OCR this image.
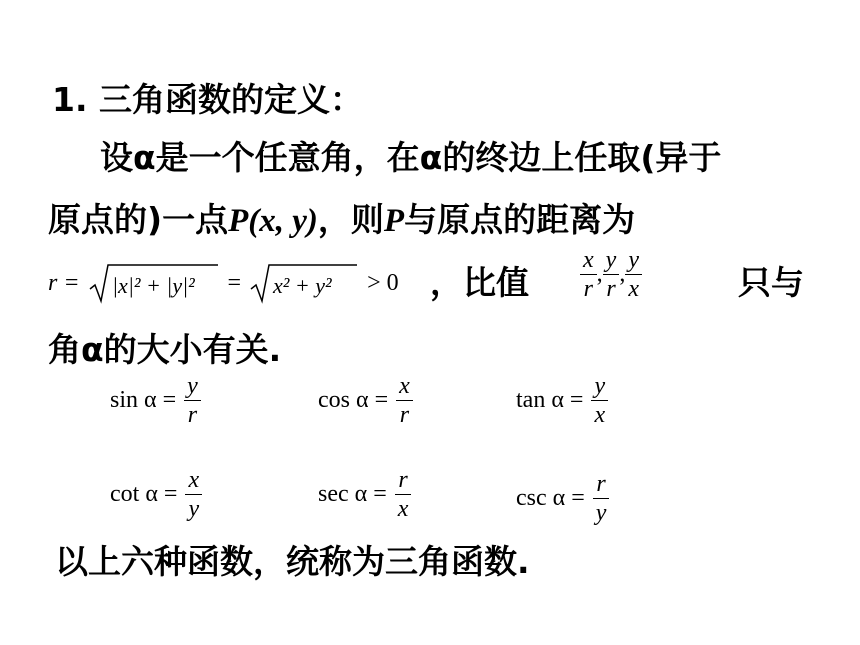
1. 三角函数的定义：
设α是一个任意角，在α的终边上任取(异于
原点的)一点P(x, y)，则P与原点的距离为
r = |x|² + |y|² = x² + y² > 0 ，比值 $\frac{x}{r}$ , $\frac{y}{r}$ , $\frac{y}{x}$	只与
角α的大小有关.
$\sin \alpha = \frac{y}{r}$	$\cos \alpha = \frac{x}{r}$	$\tan \alpha = \frac{y}{x}$
$\cot \alpha = \frac{x}{y}$	$\sec \alpha = \frac{r}{x}$	$\csc \alpha = \frac{r}{y}$
以上六种函数，统称为三角函数.
